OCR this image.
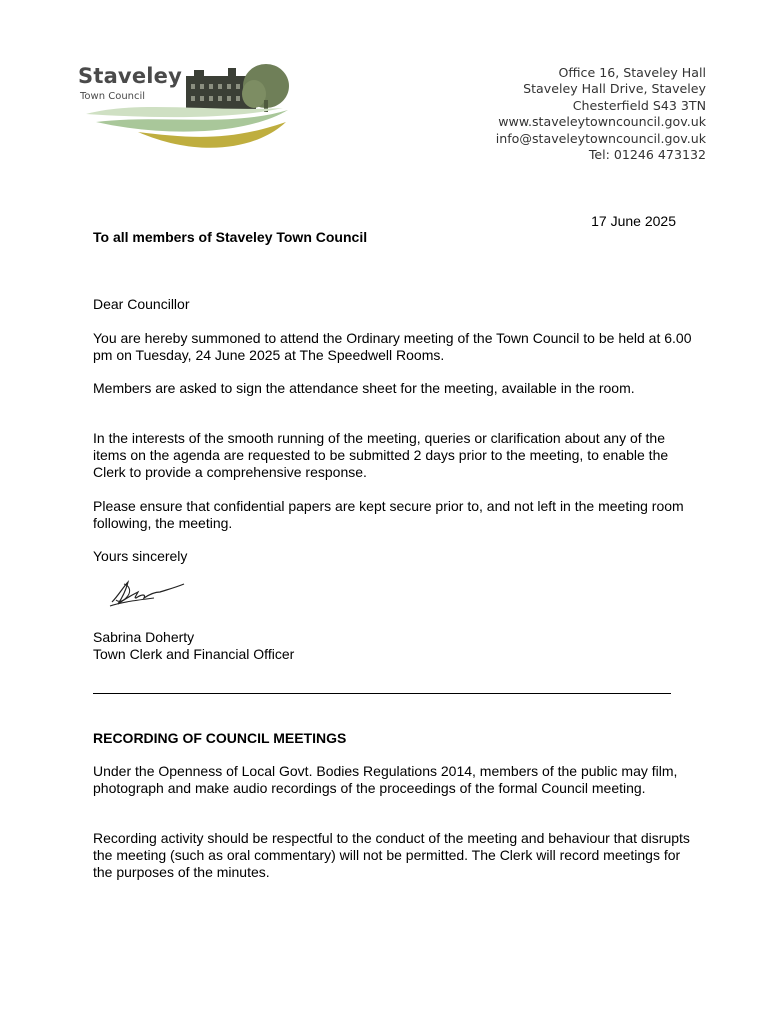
Staveley
Town Council
Office 16, Staveley Hall
Staveley Hall Drive, Staveley
Chesterfield S43 3TN
www.staveleytowncouncil.gov.uk
info@staveleytowncouncil.gov.uk
Tel: 01246 473132
17 June 2025
To all members of Staveley Town Council

Dear Councillor

You are hereby summoned to attend the Ordinary meeting of the Town Council to be held at 6.00 pm on Tuesday, 24 June 2025 at The Speedwell Rooms.

Members are asked to sign the attendance sheet for the meeting, available in the room.

In the interests of the smooth running of the meeting, queries or clarification about any of the items on the agenda are requested to be submitted 2 days prior to the meeting, to enable the Clerk to provide a comprehensive response.

Please ensure that confidential papers are kept secure prior to, and not left in the meeting room following, the meeting.

Yours sincerely

Sabrina Doherty

Town Clerk and Financial Officer

RECORDING OF COUNCIL MEETINGS

Under the Openness of Local Govt. Bodies Regulations 2014, members of the public may film, photograph and make audio recordings of the proceedings of the formal Council meeting.

Recording activity should be respectful to the conduct of the meeting and behaviour that disrupts the meeting (such as oral commentary) will not be permitted. The Clerk will record meetings for the purposes of the minutes.
